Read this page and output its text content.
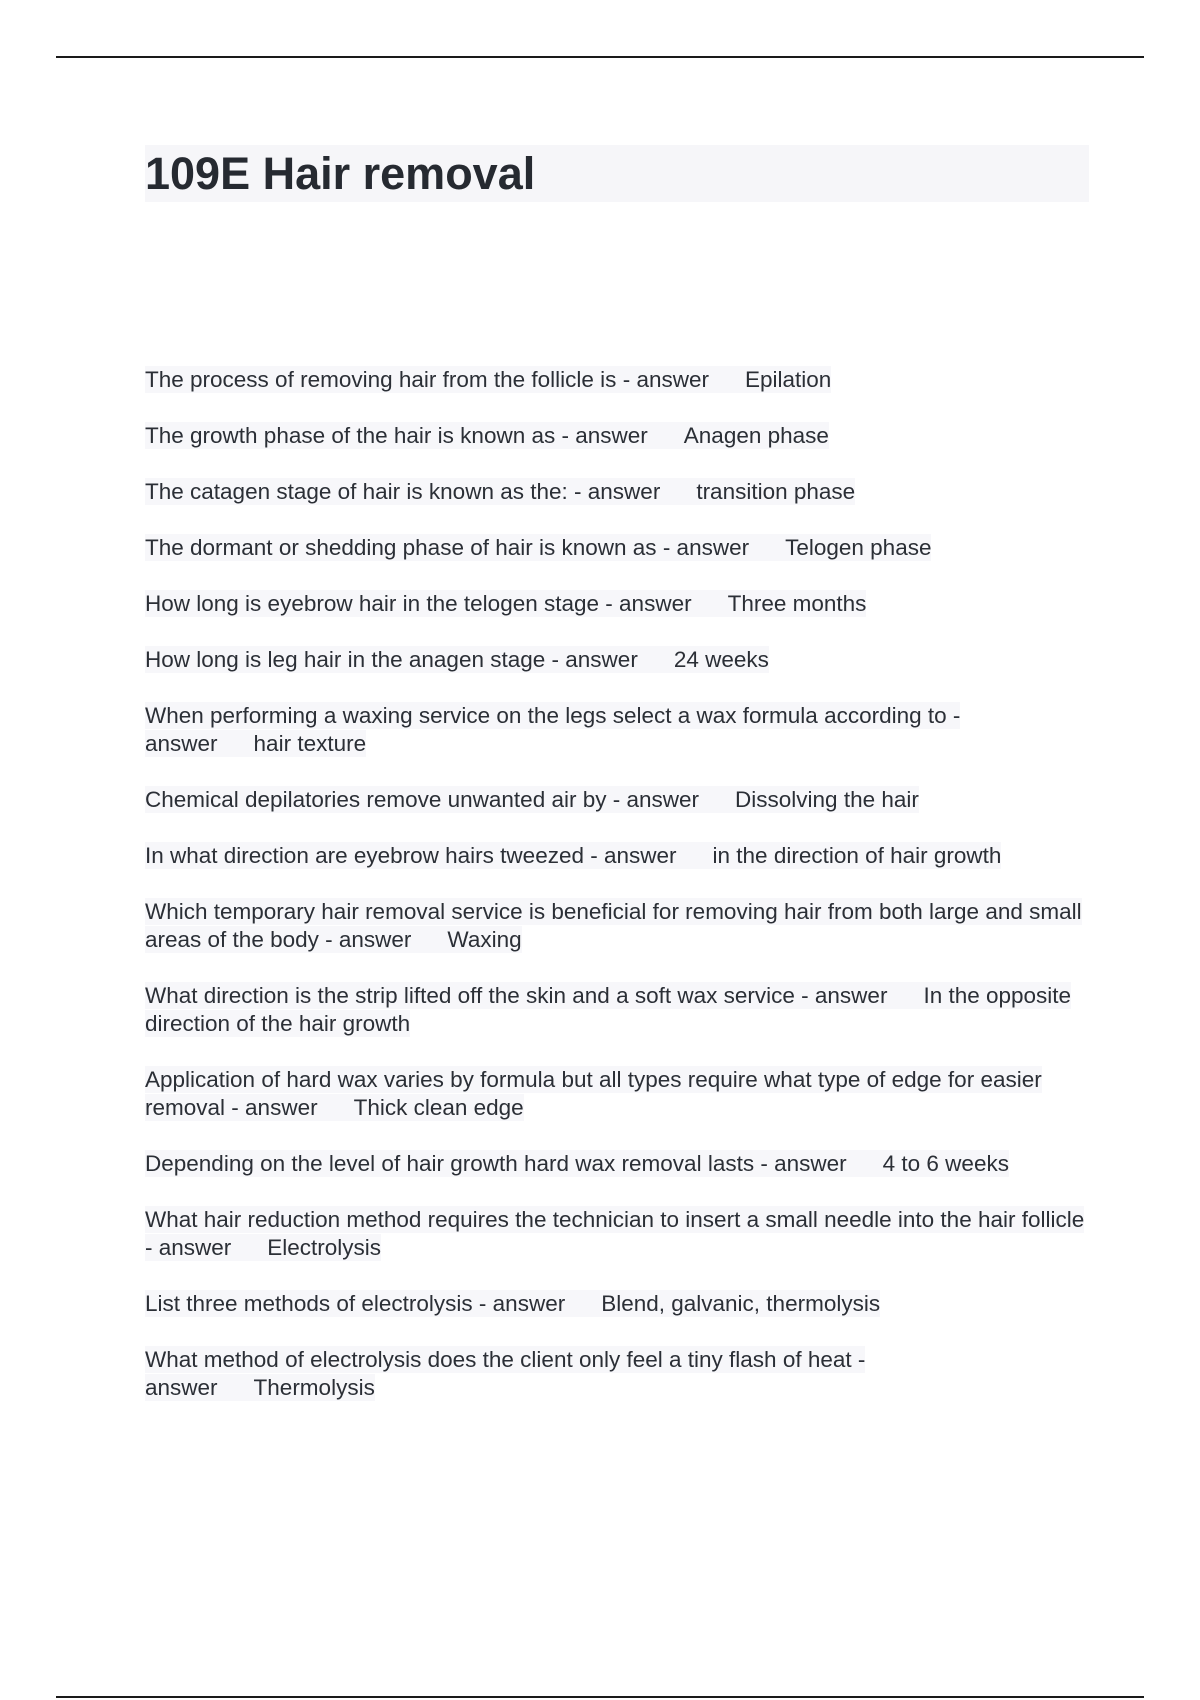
109E Hair removal
The process of removing hair from the follicle is - answer Epilation
The growth phase of the hair is known as - answer Anagen phase
The catagen stage of hair is known as the: - answer transition phase
The dormant or shedding phase of hair is known as - answer Telogen phase
How long is eyebrow hair in the telogen stage - answer Three months
How long is leg hair in the anagen stage - answer 24 weeks
When performing a waxing service on the legs select a wax formula according to - answer hair texture
Chemical depilatories remove unwanted air by - answer Dissolving the hair
In what direction are eyebrow hairs tweezed - answer in the direction of hair growth
Which temporary hair removal service is beneficial for removing hair from both large and small areas of the body - answer Waxing
What direction is the strip lifted off the skin and a soft wax service - answer In the opposite direction of the hair growth
Application of hard wax varies by formula but all types require what type of edge for easier removal - answer Thick clean edge
Depending on the level of hair growth hard wax removal lasts - answer 4 to 6 weeks
What hair reduction method requires the technician to insert a small needle into the hair follicle - answer Electrolysis
List three methods of electrolysis - answer Blend, galvanic, thermolysis
What method of electrolysis does the client only feel a tiny flash of heat - answer Thermolysis
